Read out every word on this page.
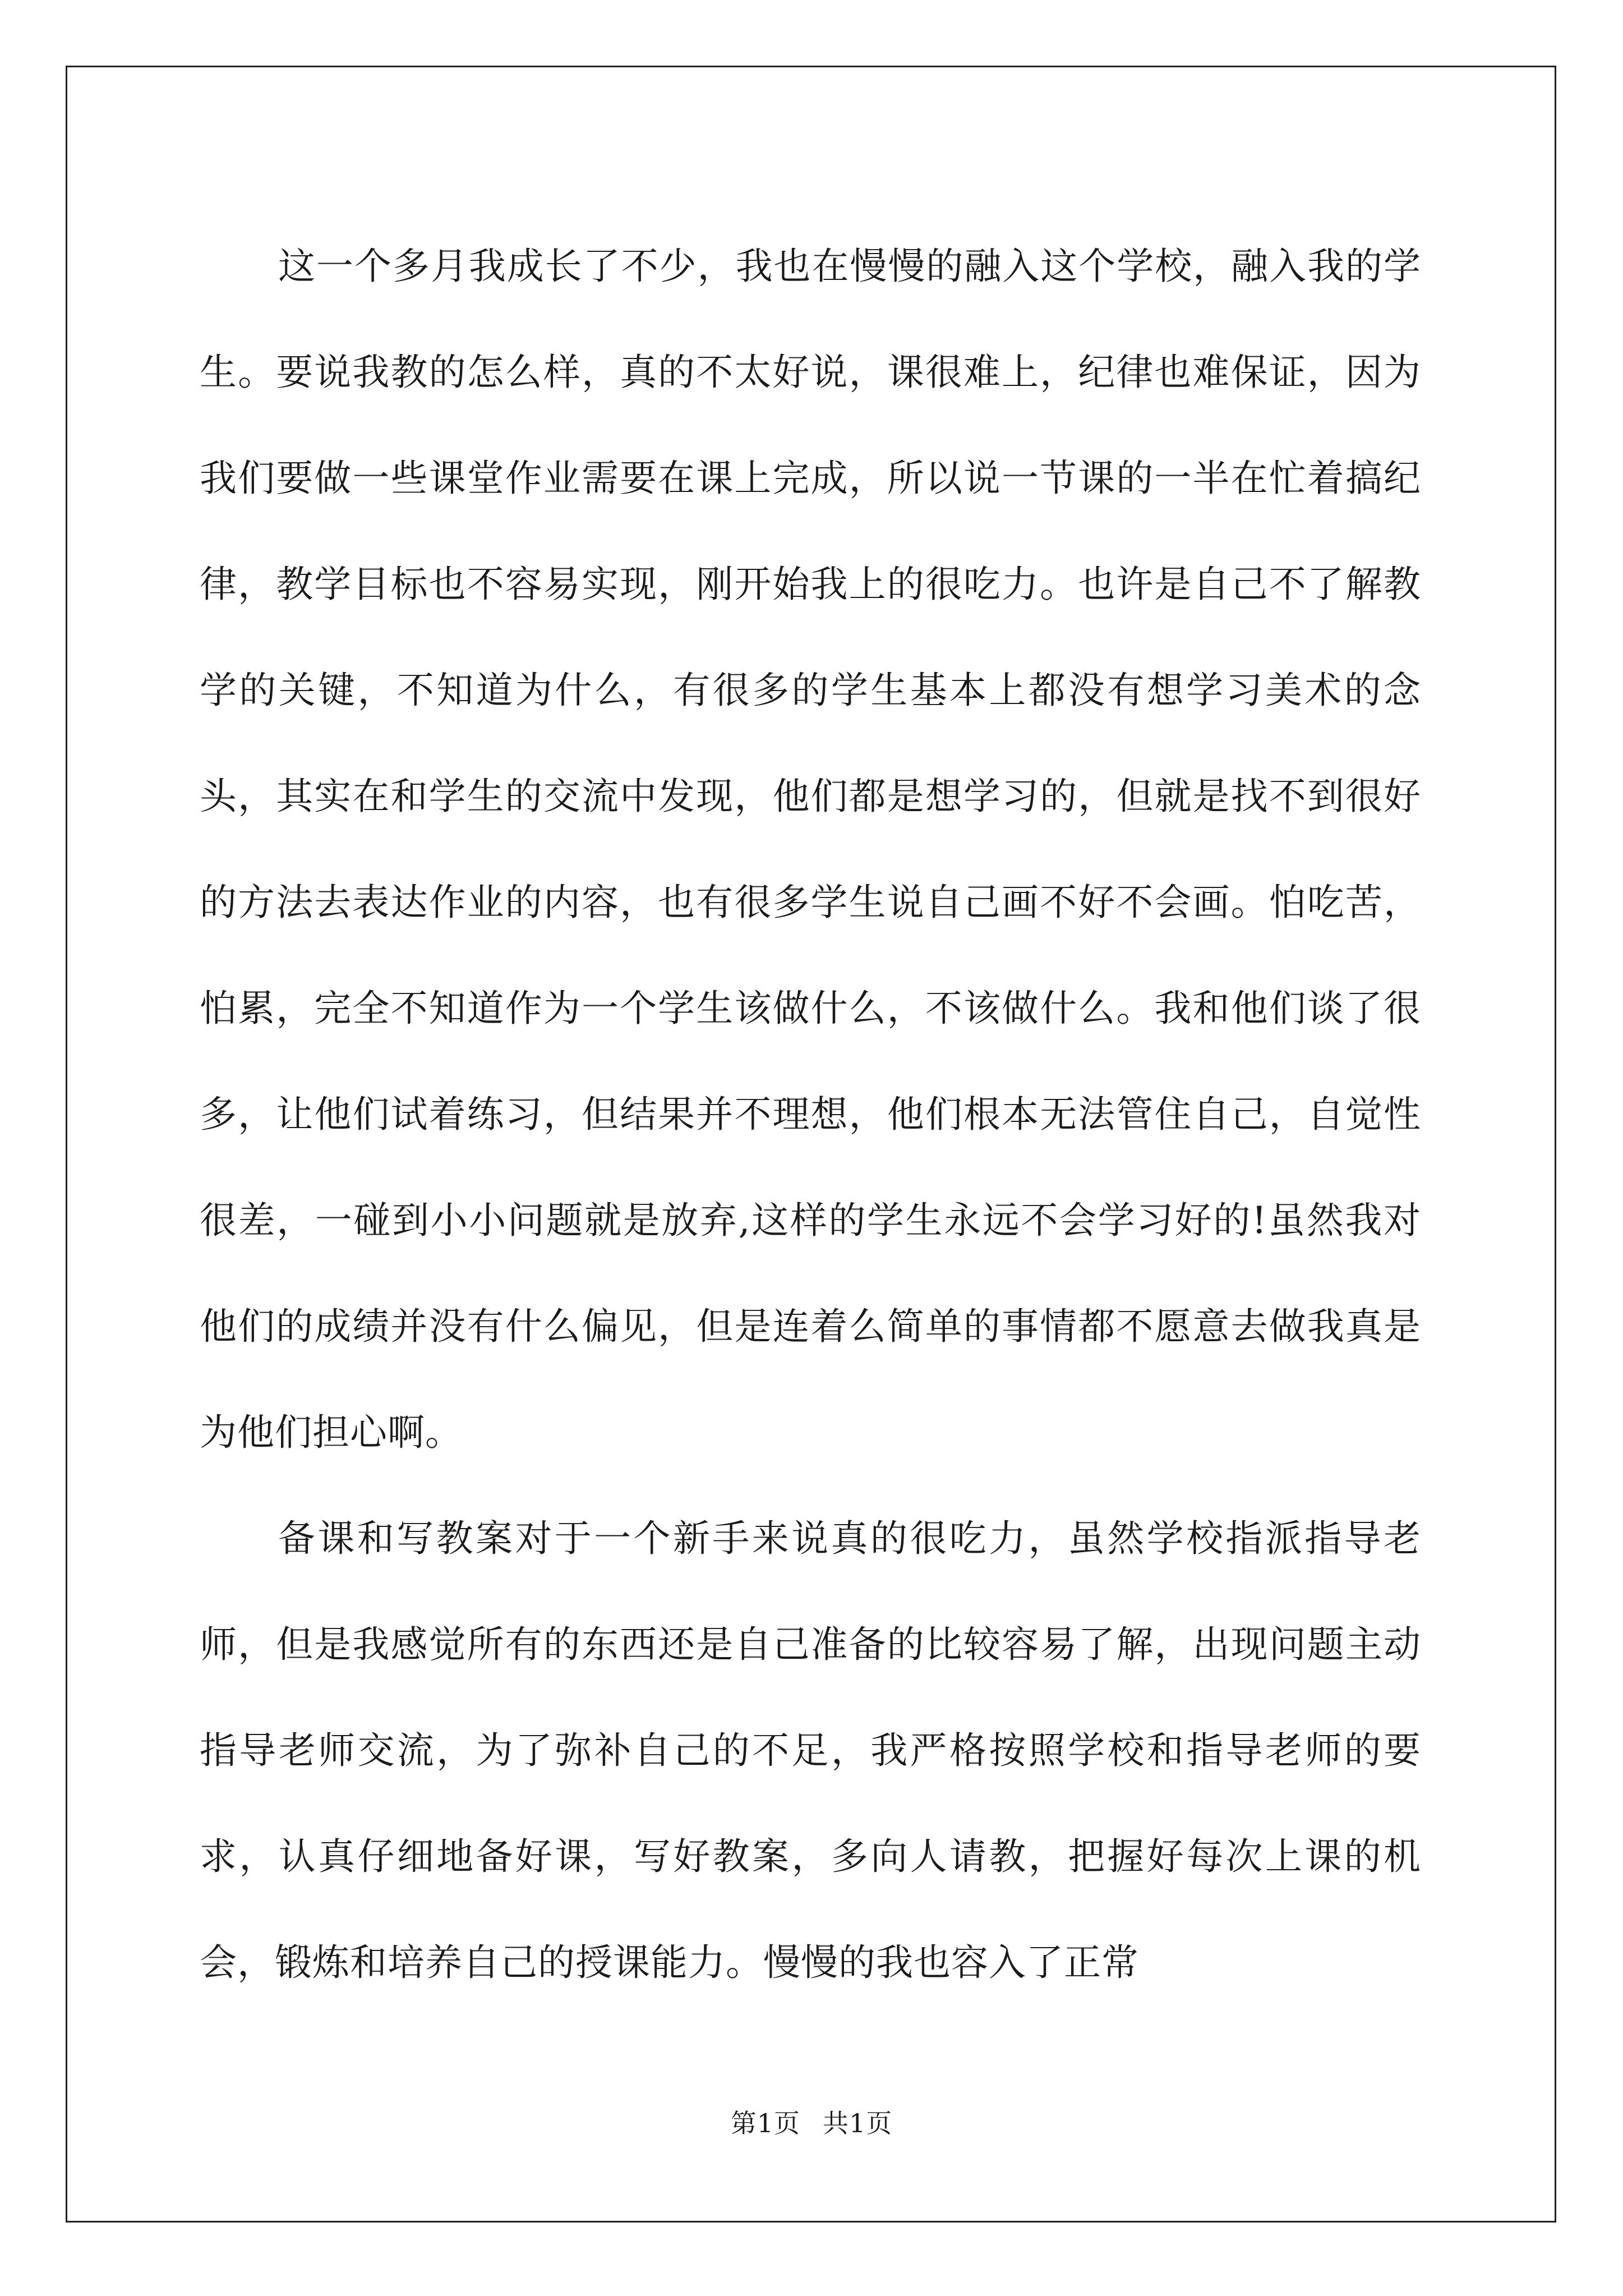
这一个多月我成长了不少，我也在慢慢的融入这个学校，融入我的学生。要说我教的怎么样，真的不太好说，课很难上，纪律也难保证，因为我们要做一些课堂作业需要在课上完成，所以说一节课的一半在忙着搞纪律，教学目标也不容易实现，刚开始我上的很吃力。也许是自己不了解教学的关键，不知道为什么，有很多的学生基本上都没有想学习美术的念头，其实在和学生的交流中发现，他们都是想学习的，但就是找不到很好的方法去表达作业的内容，也有很多学生说自己画不好不会画。怕吃苦，怕累，完全不知道作为一个学生该做什么，不该做什么。我和他们谈了很多，让他们试着练习，但结果并不理想，他们根本无法管住自己，自觉性很差，一碰到小小问题就是放弃,这样的学生永远不会学习好的!虽然我对他们的成绩并没有什么偏见，但是连着么简单的事情都不愿意去做我真是为他们担心啊。

备课和写教案对于一个新手来说真的很吃力，虽然学校指派指导老师，但是我感觉所有的东西还是自己准备的比较容易了解，出现问题主动指导老师交流，为了弥补自己的不足，我严格按照学校和指导老师的要求，认真仔细地备好课，写好教案，多向人请教，把握好每次上课的机会，锻炼和培养自己的授课能力。慢慢的我也容入了正常

第1页 共1页
